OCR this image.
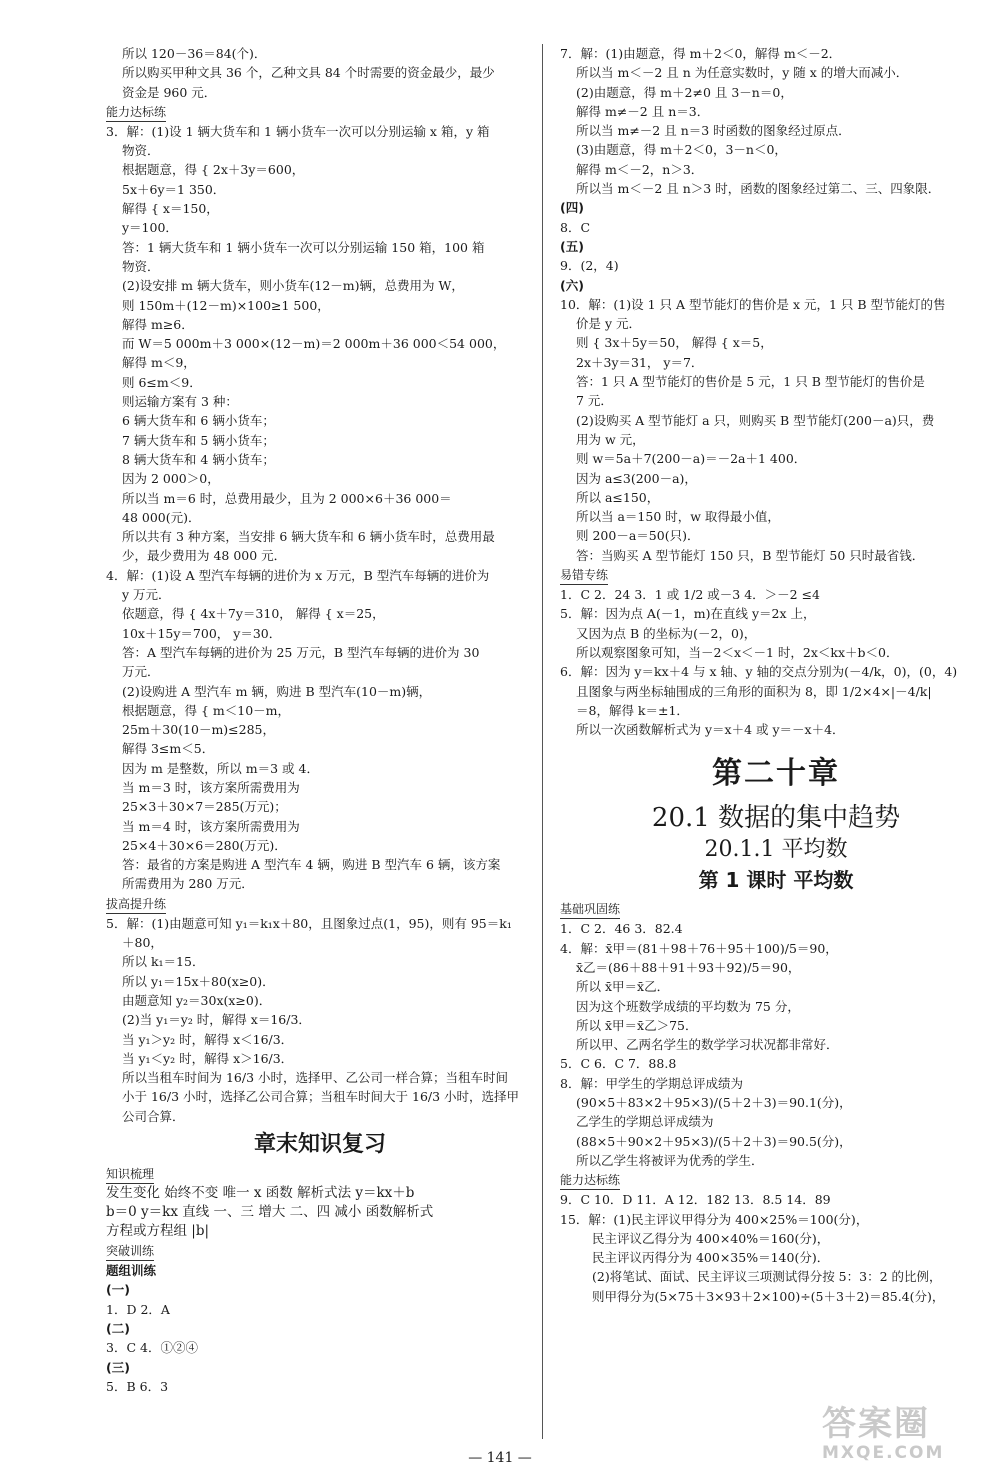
所以 120－36＝84(个)．
所以购买甲种文具 36 个，乙种文具 84 个时需要的资金最少，最少
资金是 960 元．
能力达标练
3．解：(1)设 1 辆大货车和 1 辆小货车一次可以分别运输 x 箱，y 箱
物资．
根据题意，得 { 2x＋3y＝600，
5x＋6y＝1 350．
解得 { x＝150，
y＝100．
答：1 辆大货车和 1 辆小货车一次可以分别运输 150 箱，100 箱
物资．
(2)设安排 m 辆大货车，则小货车(12－m)辆，总费用为 W，
则 150m＋(12－m)×100≥1 500，
解得 m≥6．
而 W＝5 000m＋3 000×(12－m)＝2 000m＋36 000＜54 000，
解得 m＜9，
则 6≤m＜9．
则运输方案有 3 种：
6 辆大货车和 6 辆小货车；
7 辆大货车和 5 辆小货车；
8 辆大货车和 4 辆小货车；
因为 2 000＞0，
所以当 m＝6 时，总费用最少，且为 2 000×6＋36 000＝
48 000(元)．
所以共有 3 种方案，当安排 6 辆大货车和 6 辆小货车时，总费用最
少，最少费用为 48 000 元．
4．解：(1)设 A 型汽车每辆的进价为 x 万元，B 型汽车每辆的进价为
y 万元．
依题意，得 { 4x＋7y＝310， 解得 { x＝25，
10x＋15y＝700， y＝30．
答：A 型汽车每辆的进价为 25 万元，B 型汽车每辆的进价为 30
万元．
(2)设购进 A 型汽车 m 辆，购进 B 型汽车(10－m)辆，
根据题意，得 { m＜10－m，
25m＋30(10－m)≤285，
解得 3≤m＜5．
因为 m 是整数，所以 m＝3 或 4．
当 m＝3 时，该方案所需费用为
25×3＋30×7＝285(万元)；
当 m＝4 时，该方案所需费用为
25×4＋30×6＝280(万元)．
答：最省的方案是购进 A 型汽车 4 辆，购进 B 型汽车 6 辆，该方案
所需费用为 280 万元．
拔高提升练
5．解：(1)由题意可知 y₁＝k₁x＋80，且图象过点(1，95)，则有 95＝k₁
＋80，
所以 k₁＝15．
所以 y₁＝15x＋80(x≥0)．
由题意知 y₂＝30x(x≥0)．
(2)当 y₁＝y₂ 时，解得 x＝16/3．
当 y₁＞y₂ 时，解得 x＜16/3．
当 y₁＜y₂ 时，解得 x＞16/3．
所以当租车时间为 16/3 小时，选择甲、乙公司一样合算；当租车时间
小于 16/3 小时，选择乙公司合算；当租车时间大于 16/3 小时，选择甲
公司合算．
章末知识复习
知识梳理
发生变化 始终不变 唯一 x 函数 解析式法 y＝kx＋b
b＝0 y＝kx 直线 一、三 增大 二、四 减小 函数解析式
方程或方程组 |b|
突破训练
题组训练
(一)
1．D 2．A
(二)
3．C 4．①②④
(三)
5．B 6．3
7．解：(1)由题意，得 m＋2＜0，解得 m＜－2．
所以当 m＜－2 且 n 为任意实数时，y 随 x 的增大而减小．
(2)由题意，得 m＋2≠0 且 3－n＝0，
解得 m≠－2 且 n＝3．
所以当 m≠－2 且 n＝3 时函数的图象经过原点．
(3)由题意，得 m＋2＜0，3－n＜0，
解得 m＜－2，n＞3．
所以当 m＜－2 且 n＞3 时，函数的图象经过第二、三、四象限．
(四)
8．C
(五)
9．(2，4)
(六)
10．解：(1)设 1 只 A 型节能灯的售价是 x 元，1 只 B 型节能灯的售
价是 y 元．
则 { 3x＋5y＝50， 解得 { x＝5，
2x＋3y＝31， y＝7．
答：1 只 A 型节能灯的售价是 5 元，1 只 B 型节能灯的售价是
7 元．
(2)设购买 A 型节能灯 a 只，则购买 B 型节能灯(200－a)只，费
用为 w 元，
则 w＝5a＋7(200－a)＝－2a＋1 400．
因为 a≤3(200－a)，
所以 a≤150，
所以当 a＝150 时，w 取得最小值，
则 200－a＝50(只)．
答：当购买 A 型节能灯 150 只，B 型节能灯 50 只时最省钱．
易错专练
1．C 2．24 3．1 或 1/2 或－3 4．＞－2 ≤4
5．解：因为点 A(－1，m)在直线 y＝2x 上，
又因为点 B 的坐标为(－2，0)，
所以观察图象可知，当－2＜x＜－1 时，2x＜kx＋b＜0．
6．解：因为 y＝kx＋4 与 x 轴、y 轴的交点分别为(－4/k，0)，(0，4)
且图象与两坐标轴围成的三角形的面积为 8，即 1/2×4×|－4/k|
＝8，解得 k＝±1．
所以一次函数解析式为 y＝x＋4 或 y＝－x＋4．
第二十章
20.1 数据的集中趋势
20.1.1 平均数
第 1 课时 平均数
基础巩固练
1．C 2．46 3．82.4
4．解：x̄甲＝(81＋98＋76＋95＋100)/5＝90，
x̄乙＝(86＋88＋91＋93＋92)/5＝90，
所以 x̄甲＝x̄乙．
因为这个班数学成绩的平均数为 75 分，
所以 x̄甲＝x̄乙＞75．
所以甲、乙两名学生的数学学习状况都非常好．
5．C 6．C 7．88.8
8．解：甲学生的学期总评成绩为
(90×5＋83×2＋95×3)/(5＋2＋3)＝90.1(分)，
乙学生的学期总评成绩为
(88×5＋90×2＋95×3)/(5＋2＋3)＝90.5(分)，
所以乙学生将被评为优秀的学生．
能力达标练
9．C 10．D 11．A 12．182 13．8.5 14．89
15．解：(1)民主评议甲得分为 400×25%＝100(分)，
民主评议乙得分为 400×40%＝160(分)，
民主评议丙得分为 400×35%＝140(分)．
(2)将笔试、面试、民主评议三项测试得分按 5：3：2 的比例，
则甲得分为(5×75＋3×93＋2×100)÷(5＋3＋2)＝85.4(分)，
— 141 —
答案圈
MXQE.COM
